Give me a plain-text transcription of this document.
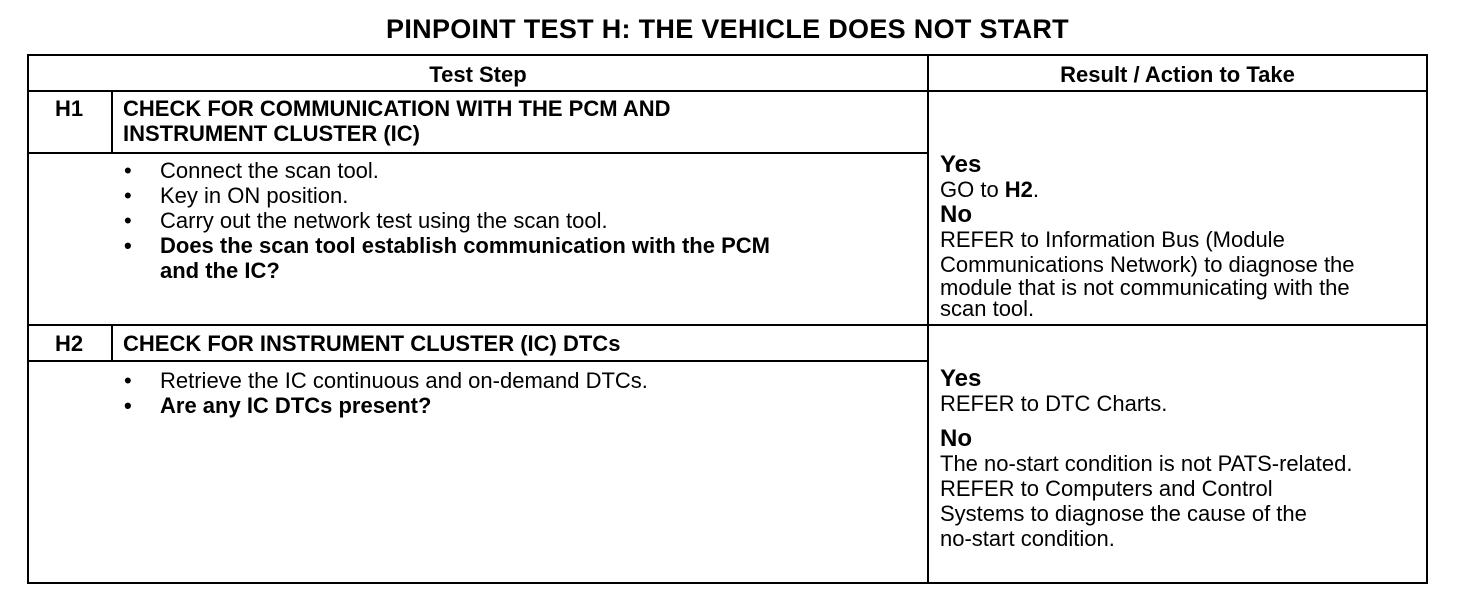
PINPOINT TEST H: THE VEHICLE DOES NOT START
Test Step	Result / Action to Take
H1	CHECK FOR COMMUNICATION WITH THE PCM AND
INSTRUMENT CLUSTER (IC)
• Connect the scan tool.
• Key in ON position.
• Carry out the network test using the scan tool.
• Does the scan tool establish communication with the PCM
and the IC?
Yes
GO to H2.
No
REFER to Information Bus (Module
Communications Network) to diagnose the
module that is not communicating with the
scan tool.
H2	CHECK FOR INSTRUMENT CLUSTER (IC) DTCs
• Retrieve the IC continuous and on-demand DTCs.
• Are any IC DTCs present?
Yes
REFER to DTC Charts.
No
The no-start condition is not PATS-related.
REFER to Computers and Control
Systems to diagnose the cause of the
no-start condition.
